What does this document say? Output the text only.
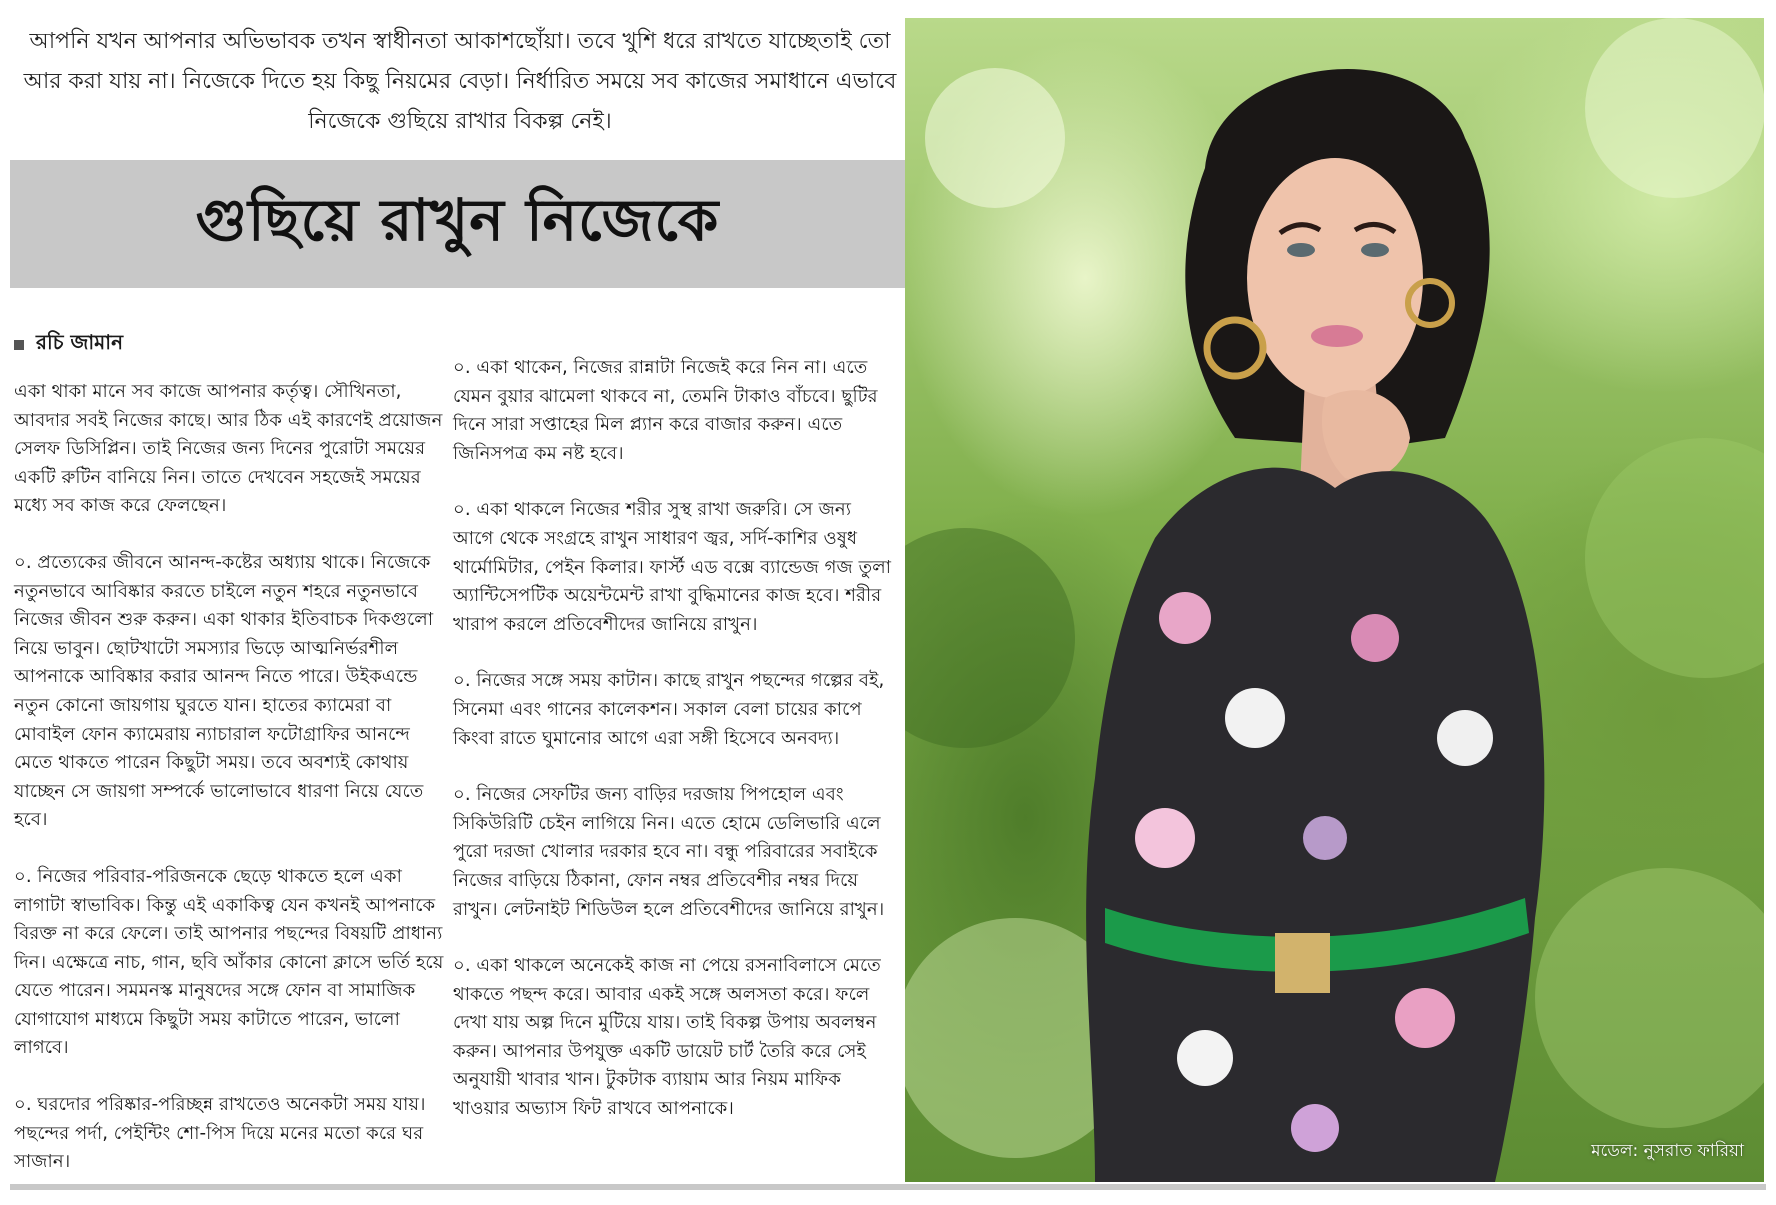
আপনি যখন আপনার অভিভাবক তখন স্বাধীনতা আকাশছোঁয়া। তবে খুশি ধরে রাখতে যাচ্ছেতাই তো আর করা যায় না। নিজেকে দিতে হয় কিছু নিয়মের বেড়া। নির্ধারিত সময়ে সব কাজের সমাধানে এভাবে নিজেকে গুছিয়ে রাখার বিকল্প নেই।
গুছিয়ে রাখুন নিজেকে
রচি জামান

একা থাকা মানে সব কাজে আপনার কর্তৃত্ব। সৌখিনতা, আবদার সবই নিজের কাছে। আর ঠিক এই কারণেই প্রয়োজন সেলফ ডিসিপ্লিন। তাই নিজের জন্য দিনের পুরোটা সময়ের একটি রুটিন বানিয়ে নিন। তাতে দেখবেন সহজেই সময়ের মধ্যে সব কাজ করে ফেলছেন।

০. প্রত্যেকের জীবনে আনন্দ-কষ্টের অধ্যায় থাকে। নিজেকে নতুনভাবে আবিষ্কার করতে চাইলে নতুন শহরে নতুনভাবে নিজের জীবন শুরু করুন। একা থাকার ইতিবাচক দিকগুলো নিয়ে ভাবুন। ছোটখাটো সমস্যার ভিড়ে আত্মনির্ভরশীল আপনাকে আবিষ্কার করার আনন্দ নিতে পারে। উইকএন্ডে নতুন কোনো জায়গায় ঘুরতে যান। হাতের ক্যামেরা বা মোবাইল ফোন ক্যামেরায় ন্যাচারাল ফটোগ্রাফির আনন্দে মেতে থাকতে পারেন কিছুটা সময়। তবে অবশ্যই কোথায় যাচ্ছেন সে জায়গা সম্পর্কে ভালোভাবে ধারণা নিয়ে যেতে হবে।

০. নিজের পরিবার-পরিজনকে ছেড়ে থাকতে হলে একা লাগাটা স্বাভাবিক। কিন্তু এই একাকিত্ব যেন কখনই আপনাকে বিরক্ত না করে ফেলে। তাই আপনার পছন্দের বিষয়টি প্রাধান্য দিন। এক্ষেত্রে নাচ, গান, ছবি আঁকার কোনো ক্লাসে ভর্তি হয়ে যেতে পারেন। সমমনস্ক মানুষদের সঙ্গে ফোন বা সামাজিক যোগাযোগ মাধ্যমে কিছুটা সময় কাটাতে পারেন, ভালো লাগবে।

০. ঘরদোর পরিষ্কার-পরিচ্ছন্ন রাখতেও অনেকটা সময় যায়। পছন্দের পর্দা, পেইন্টিং শো-পিস দিয়ে মনের মতো করে ঘর সাজান।

০. একা থাকেন, নিজের রান্নাটা নিজেই করে নিন না। এতে যেমন বুয়ার ঝামেলা থাকবে না, তেমনি টাকাও বাঁচবে। ছুটির দিনে সারা সপ্তাহের মিল প্ল্যান করে বাজার করুন। এতে জিনিসপত্র কম নষ্ট হবে।

০. একা থাকলে নিজের শরীর সুস্থ রাখা জরুরি। সে জন্য আগে থেকে সংগ্রহে রাখুন সাধারণ জ্বর, সর্দি-কাশির ওষুধ থার্মোমিটার, পেইন কিলার। ফার্স্ট এড বক্সে ব্যান্ডেজ গজ তুলা অ্যান্টিসেপটিক অয়েন্টমেন্ট রাখা বুদ্ধিমানের কাজ হবে। শরীর খারাপ করলে প্রতিবেশীদের জানিয়ে রাখুন।

০. নিজের সঙ্গে সময় কাটান। কাছে রাখুন পছন্দের গল্পের বই, সিনেমা এবং গানের কালেকশন। সকাল বেলা চায়ের কাপে কিংবা রাতে ঘুমানোর আগে এরা সঙ্গী হিসেবে অনবদ্য।

০. নিজের সেফটির জন্য বাড়ির দরজায় পিপহোল এবং সিকিউরিটি চেইন লাগিয়ে নিন। এতে হোমে ডেলিভারি এলে পুরো দরজা খোলার দরকার হবে না। বন্ধু পরিবারের সবাইকে নিজের বাড়িয়ে ঠিকানা, ফোন নম্বর প্রতিবেশীর নম্বর দিয়ে রাখুন। লেটনাইট শিডিউল হলে প্রতিবেশীদের জানিয়ে রাখুন।

০. একা থাকলে অনেকেই কাজ না পেয়ে রসনাবিলাসে মেতে থাকতে পছন্দ করে। আবার একই সঙ্গে অলসতা করে। ফলে দেখা যায় অল্প দিনে মুটিয়ে যায়। তাই বিকল্প উপায় অবলম্বন করুন। আপনার উপযুক্ত একটি ডায়েট চার্ট তৈরি করে সেই অনুযায়ী খাবার খান। টুকটাক ব্যায়াম আর নিয়ম মাফিক খাওয়ার অভ্যাস ফিট রাখবে আপনাকে।

মডেল: নুসরাত ফারিয়া
